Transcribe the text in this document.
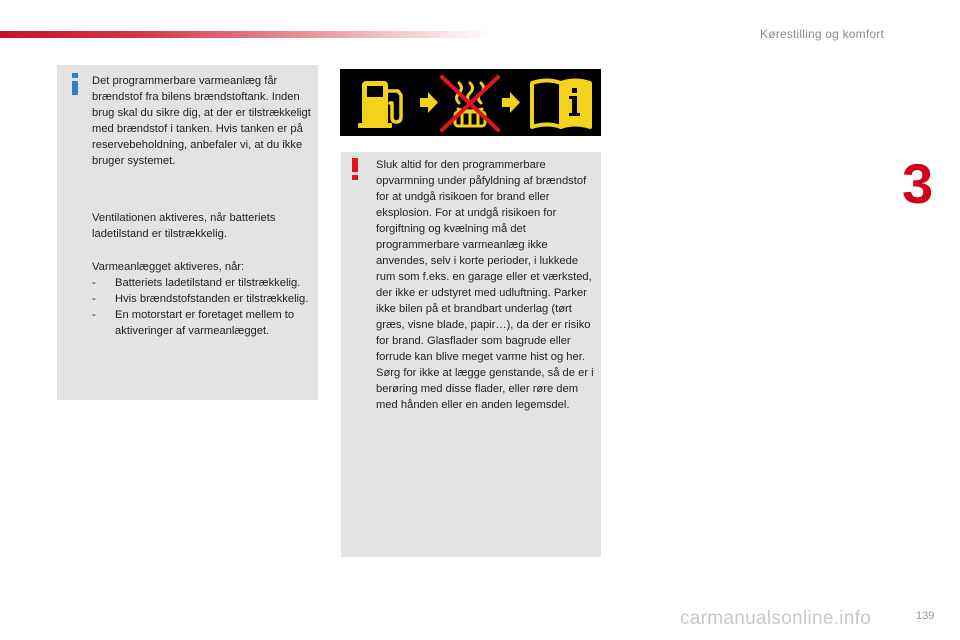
Kørestilling og komfort
3
Det programmerbare varmeanlæg får brændstof fra bilens brændstoftank. Inden brug skal du sikre dig, at der er tilstrækkeligt med brændstof i tanken. Hvis tanken er på reservebeholdning, anbefaler vi, at du ikke bruger systemet.
Ventilationen aktiveres, når batteriets ladetilstand er tilstrækkelig.
Varmeanlægget aktiveres, når:
- Batteriets ladetilstand er tilstrækkelig.
- Hvis brændstofstanden er tilstrækkelig.
- En motorstart er foretaget mellem to aktiveringer af varmeanlægget.
Sluk altid for den programmerbare opvarmning under påfyldning af brændstof for at undgå risikoen for brand eller eksplosion. For at undgå risikoen for forgiftning og kvælning må det programmerbare varmeanlæg ikke anvendes, selv i korte perioder, i lukkede rum som f.eks. en garage eller et værksted, der ikke er udstyret med udluftning. Parker ikke bilen på et brandbart underlag (tørt græs, visne blade, papir…), da der er risiko for brand. Glasflader som bagrude eller forrude kan blive meget varme hist og her. Sørg for ikke at lægge genstande, så de er i berøring med disse flader, eller røre dem med hånden eller en anden legemsdel.
139
carmanualsonline.info
